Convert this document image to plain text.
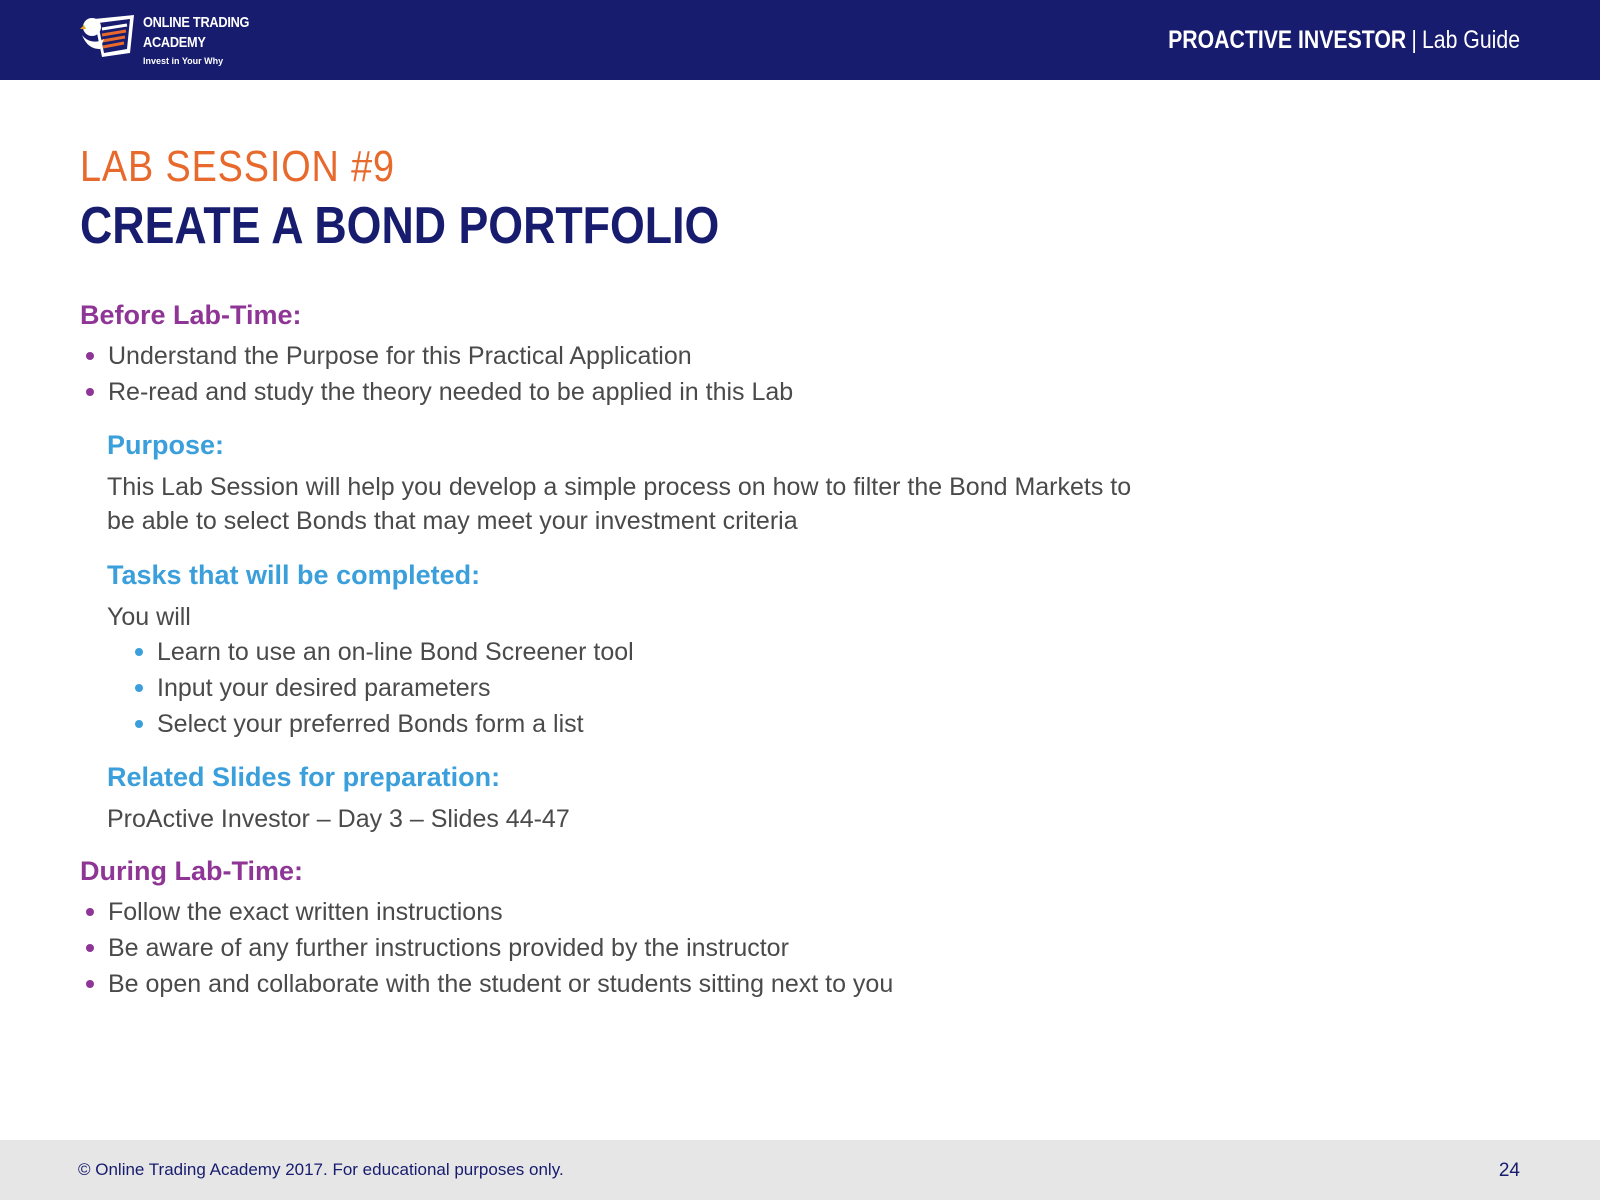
ONLINE TRADING
ACADEMY
Invest in Your Why
PROACTIVE INVESTOR | Lab Guide
LAB SESSION #9
CREATE A BOND PORTFOLIO
Before Lab-Time:
Understand the Purpose for this Practical Application
Re-read and study the theory needed to be applied in this Lab
Purpose:
This Lab Session will help you develop a simple process on how to filter the Bond Markets to
be able to select Bonds that may meet your investment criteria
Tasks that will be completed:
You will
Learn to use an on-line Bond Screener tool
Input your desired parameters
Select your preferred Bonds form a list
Related Slides for preparation:
ProActive Investor – Day 3 – Slides 44-47
During Lab-Time:
Follow the exact written instructions
Be aware of any further instructions provided by the instructor
Be open and collaborate with the student or students sitting next to you
© Online Trading Academy 2017. For educational purposes only.	24
